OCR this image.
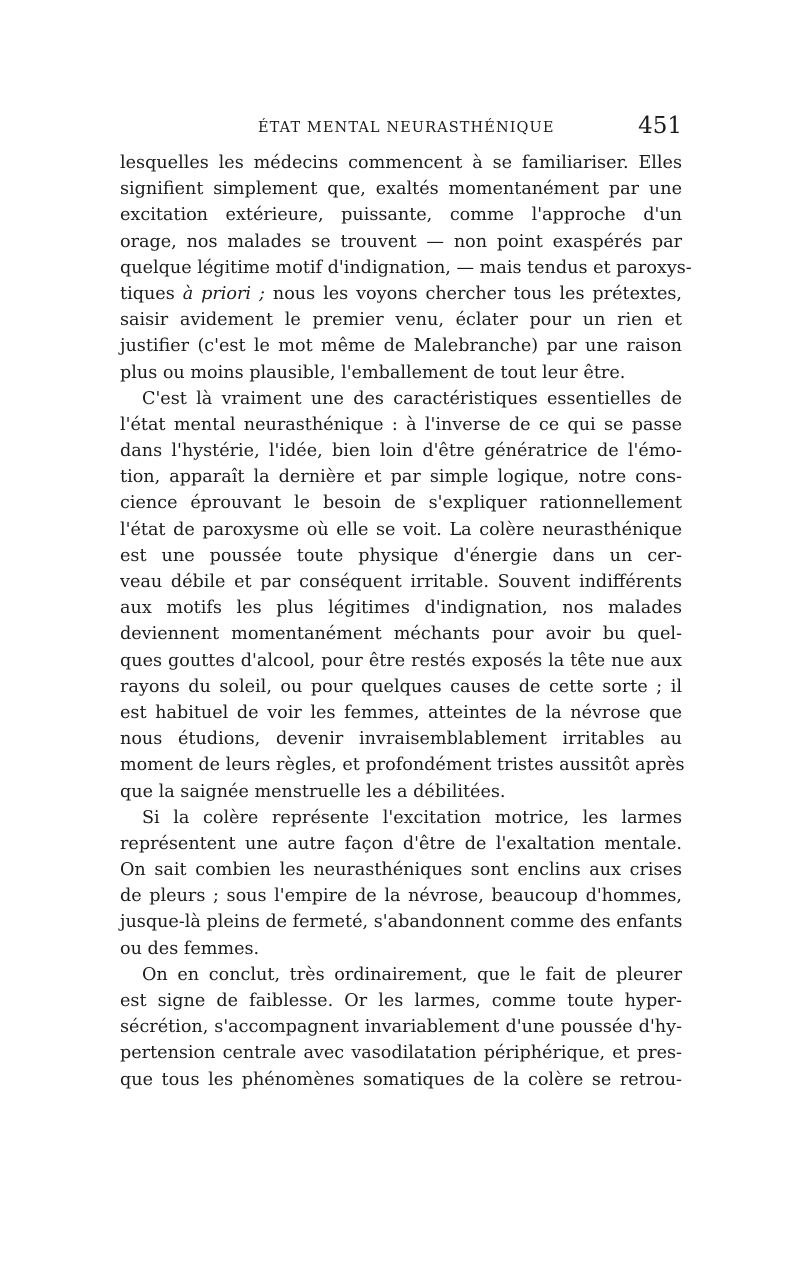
ÉTAT MENTAL NEURASTHÉNIQUE	451
lesquelles les médecins commencent à se familiariser. Elles
signifient simplement que, exaltés momentanément par une
excitation extérieure, puissante, comme l'approche d'un
orage, nos malades se trouvent — non point exaspérés par
quelque légitime motif d'indignation, — mais tendus et paroxys-
tiques à priori ; nous les voyons chercher tous les prétextes,
saisir avidement le premier venu, éclater pour un rien et
justifier (c'est le mot même de Malebranche) par une raison
plus ou moins plausible, l'emballement de tout leur être.
C'est là vraiment une des caractéristiques essentielles de
l'état mental neurasthénique : à l'inverse de ce qui se passe
dans l'hystérie, l'idée, bien loin d'être génératrice de l'émo-
tion, apparaît la dernière et par simple logique, notre cons-
cience éprouvant le besoin de s'expliquer rationnellement
l'état de paroxysme où elle se voit. La colère neurasthénique
est une poussée toute physique d'énergie dans un cer-
veau débile et par conséquent irritable. Souvent indifférents
aux motifs les plus légitimes d'indignation, nos malades
deviennent momentanément méchants pour avoir bu quel-
ques gouttes d'alcool, pour être restés exposés la tête nue aux
rayons du soleil, ou pour quelques causes de cette sorte ; il
est habituel de voir les femmes, atteintes de la névrose que
nous étudions, devenir invraisemblablement irritables au
moment de leurs règles, et profondément tristes aussitôt après
que la saignée menstruelle les a débilitées.
Si la colère représente l'excitation motrice, les larmes
représentent une autre façon d'être de l'exaltation mentale.
On sait combien les neurasthéniques sont enclins aux crises
de pleurs ; sous l'empire de la névrose, beaucoup d'hommes,
jusque-là pleins de fermeté, s'abandonnent comme des enfants
ou des femmes.
On en conclut, très ordinairement, que le fait de pleurer
est signe de faiblesse. Or les larmes, comme toute hyper-
sécrétion, s'accompagnent invariablement d'une poussée d'hy-
pertension centrale avec vasodilatation périphérique, et pres-
que tous les phénomènes somatiques de la colère se retrou-
